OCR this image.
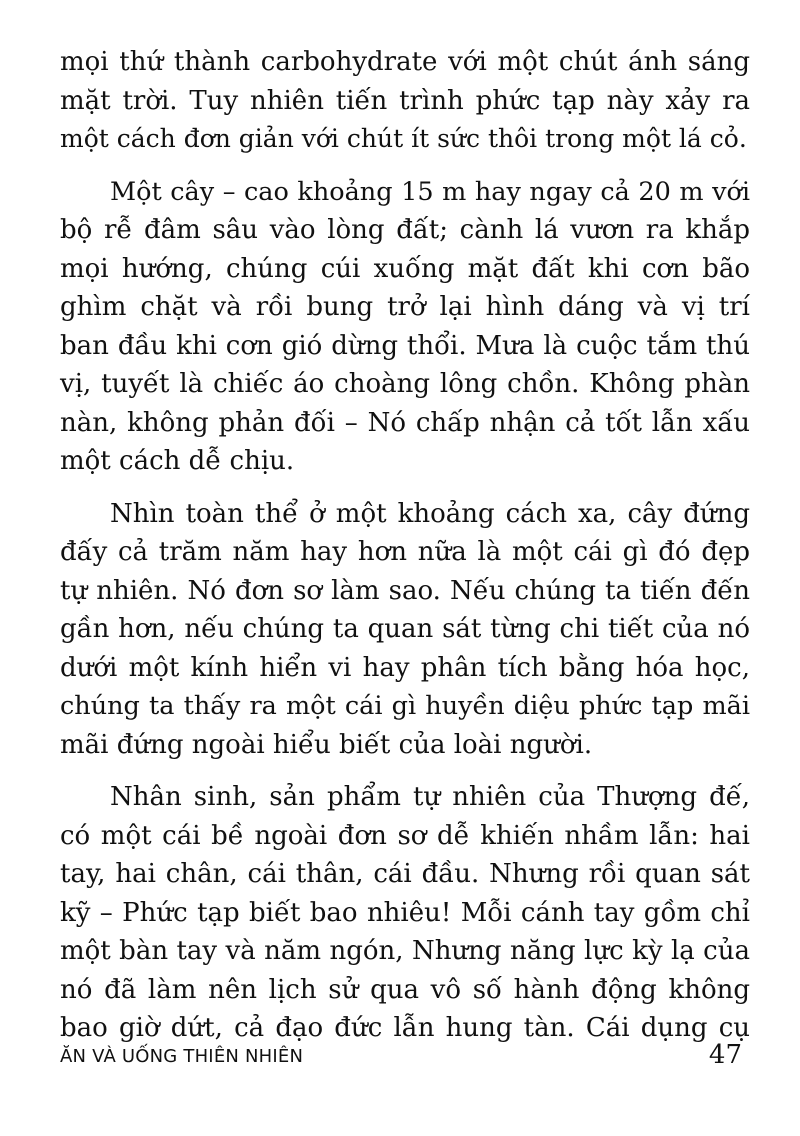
mọi thứ thành carbohydrate với một chút ánh sáng
mặt trời. Tuy nhiên tiến trình phức tạp này xảy ra
một cách đơn giản với chút ít sức thôi trong một lá cỏ.

Một cây – cao khoảng 15 m hay ngay cả 20 m với
bộ rễ đâm sâu vào lòng đất; cành lá vươn ra khắp
mọi hướng, chúng cúi xuống mặt đất khi cơn bão
ghìm chặt và rồi bung trở lại hình dáng và vị trí
ban đầu khi cơn gió dừng thổi. Mưa là cuộc tắm thú
vị, tuyết là chiếc áo choàng lông chồn. Không phàn
nàn, không phản đối – Nó chấp nhận cả tốt lẫn xấu
một cách dễ chịu.

Nhìn toàn thể ở một khoảng cách xa, cây đứng
đấy cả trăm năm hay hơn nữa là một cái gì đó đẹp
tự nhiên. Nó đơn sơ làm sao. Nếu chúng ta tiến đến
gần hơn, nếu chúng ta quan sát từng chi tiết của nó
dưới một kính hiển vi hay phân tích bằng hóa học,
chúng ta thấy ra một cái gì huyền diệu phức tạp mãi
mãi đứng ngoài hiểu biết của loài người.

Nhân sinh, sản phẩm tự nhiên của Thượng đế,
có một cái bề ngoài đơn sơ dễ khiến nhầm lẫn: hai
tay, hai chân, cái thân, cái đầu. Nhưng rồi quan sát
kỹ – Phức tạp biết bao nhiêu! Mỗi cánh tay gồm chỉ
một bàn tay và năm ngón, Nhưng năng lực kỳ lạ của
nó đã làm nên lịch sử qua vô số hành động không
bao giờ dứt, cả đạo đức lẫn hung tàn. Cái dụng cụ

ĂN VÀ UỐNG THIÊN NHIÊN	47
